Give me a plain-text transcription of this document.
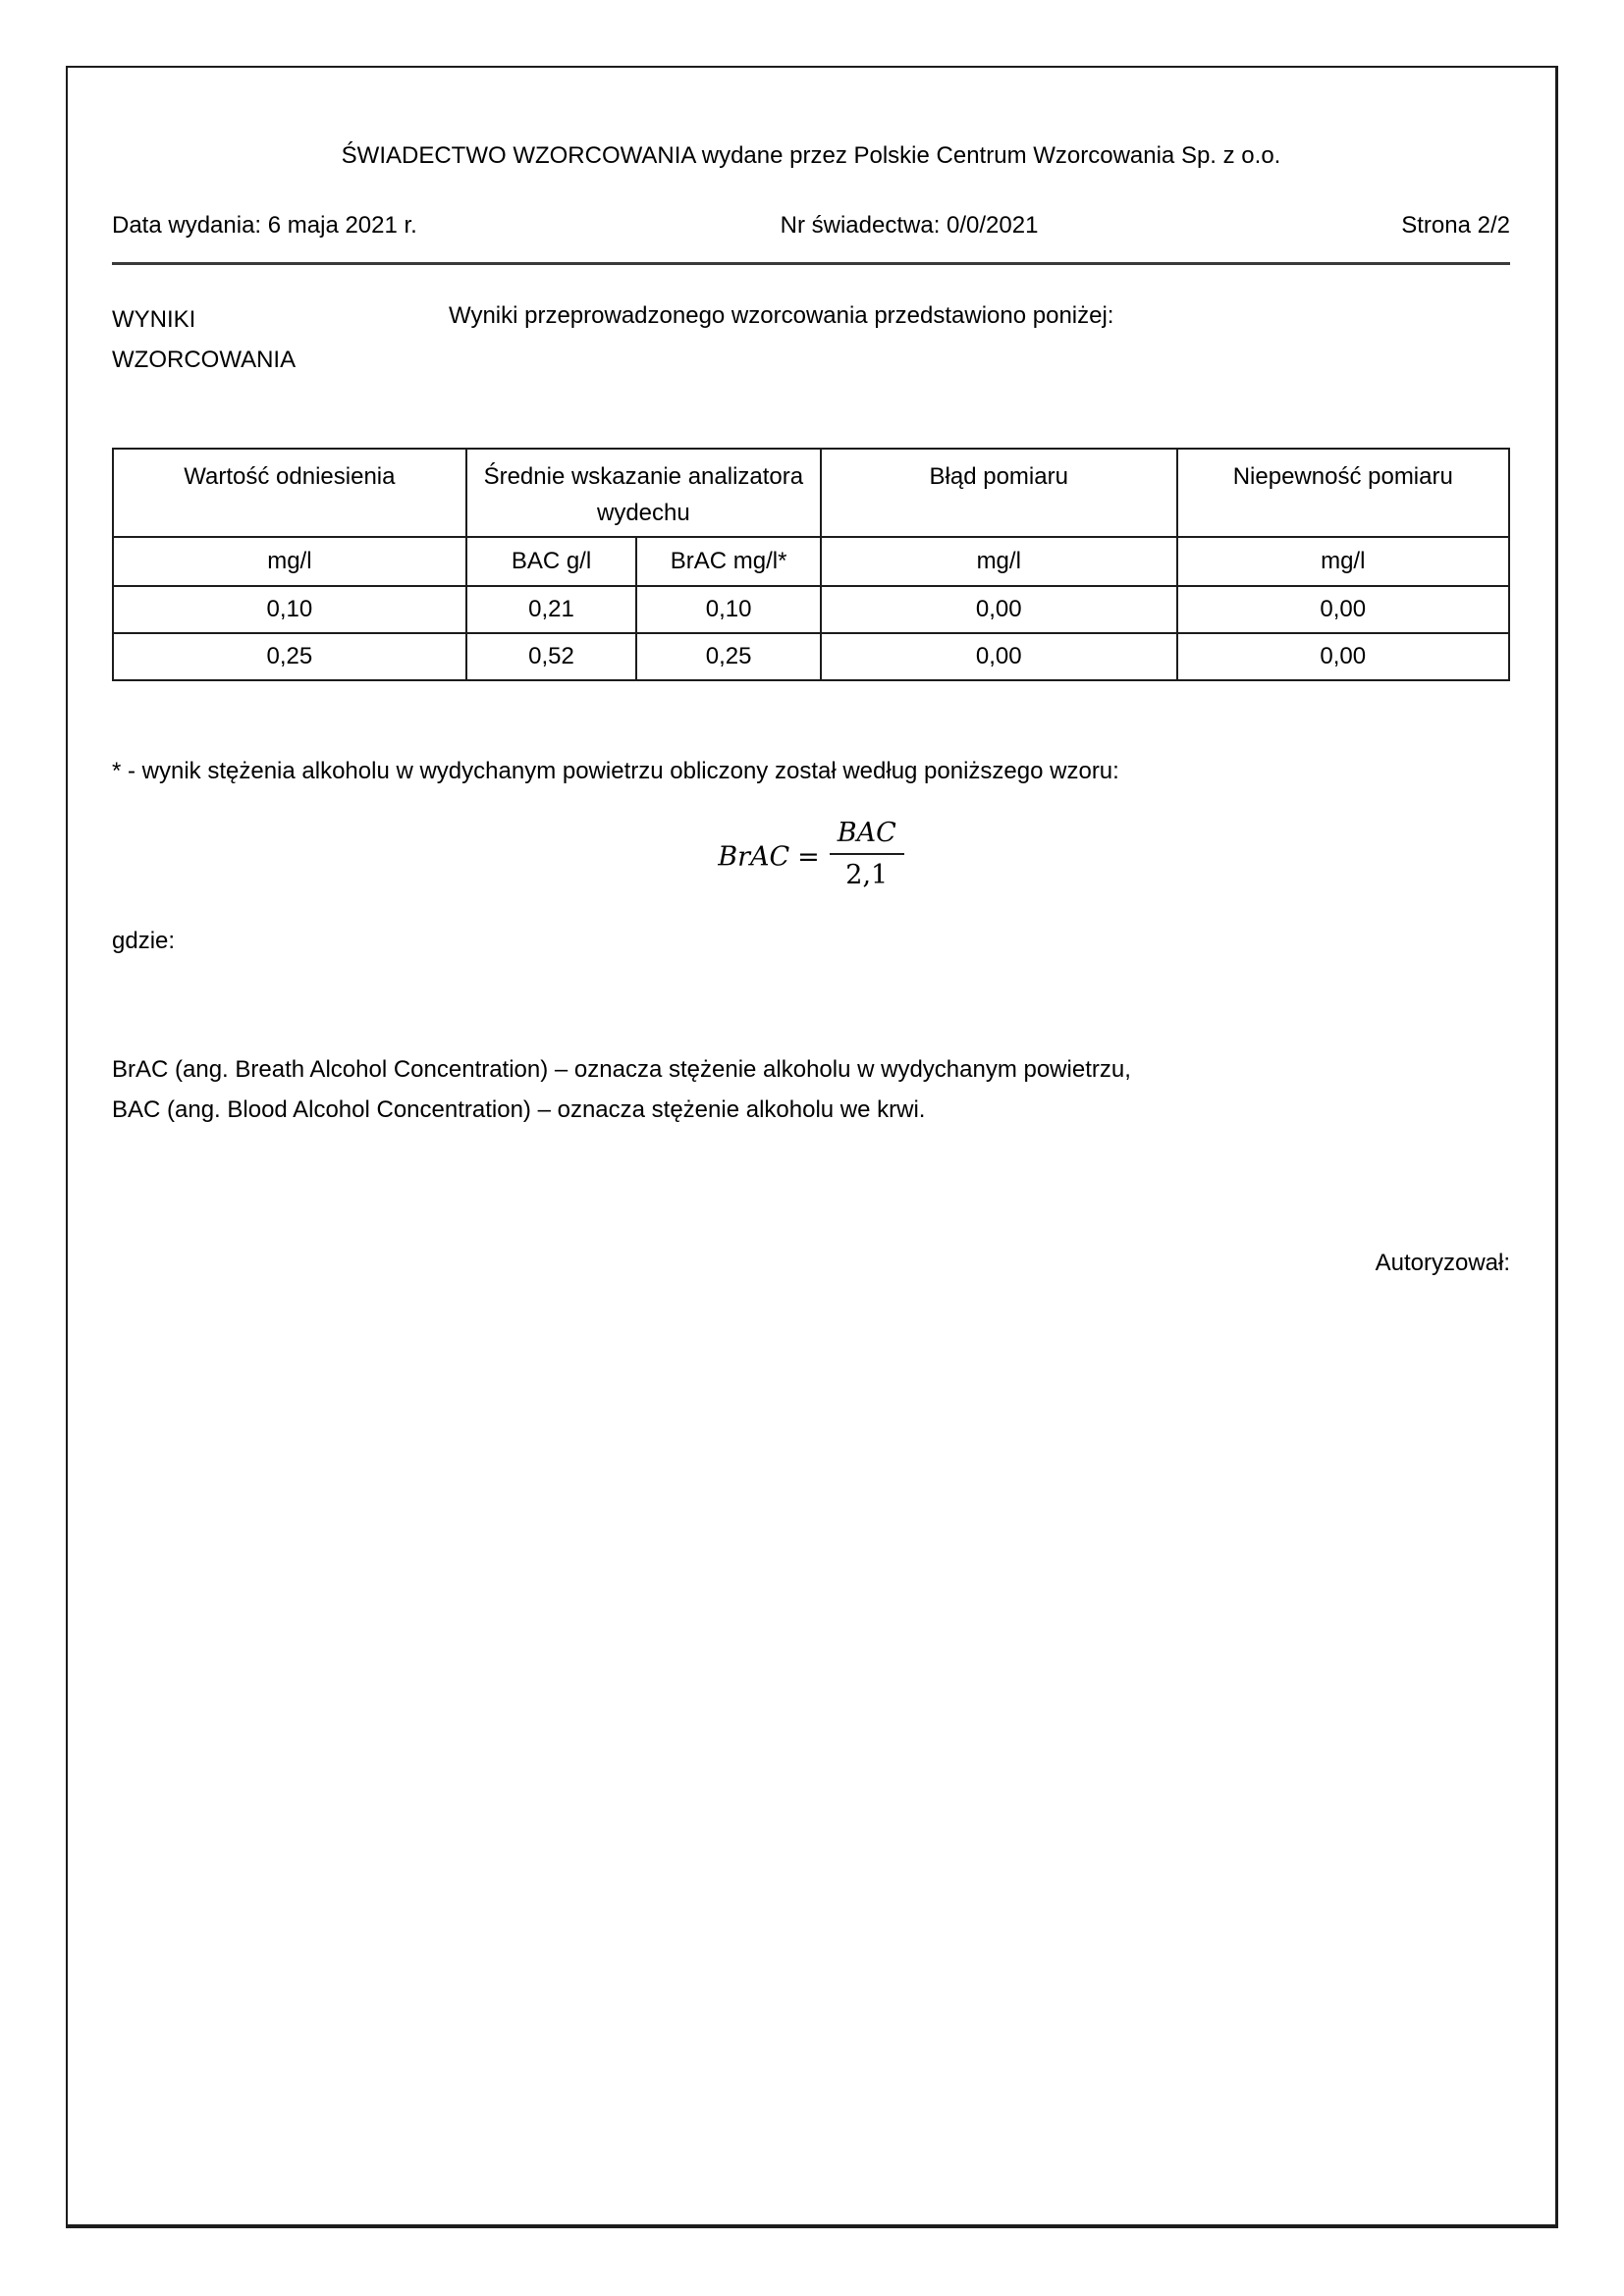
ŚWIADECTWO WZORCOWANIA wydane przez Polskie Centrum Wzorcowania Sp. z o.o.
Data wydania: 6 maja 2021 r.	Nr świadectwa: 0/0/2021	Strona 2/2
WYNIKI WZORCOWANIA
Wyniki przeprowadzonego wzorcowania przedstawiono poniżej:
Wartość odniesienia	Średnie wskazanie analizatora wydechu		Błąd pomiaru	Niepewność pomiaru
mg/l	BAC g/l	BrAC mg/l*	mg/l	mg/l
0,10	0,21	0,10	0,00	0,00
0,25	0,52	0,25	0,00	0,00
* - wynik stężenia alkoholu w wydychanym powietrzu obliczony został według poniższego wzoru:
BrAC = $\frac{\text{BAC}}{2,1}$
gdzie:
BrAC (ang. Breath Alcohol Concentration) – oznacza stężenie alkoholu w wydychanym powietrzu,
BAC (ang. Blood Alcohol Concentration) – oznacza stężenie alkoholu we krwi.
Autoryzował:
